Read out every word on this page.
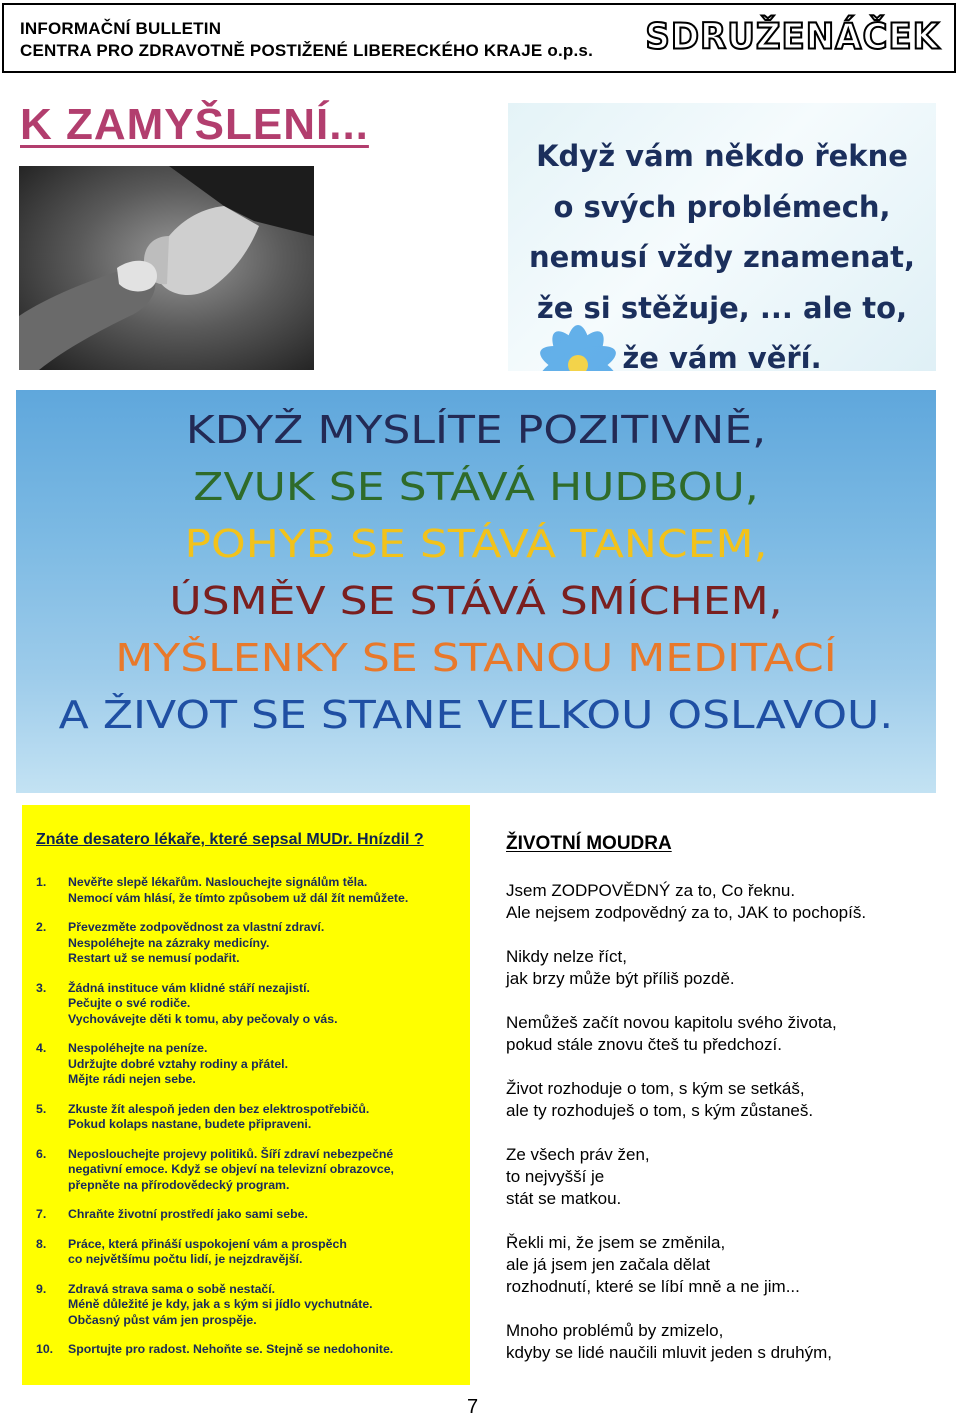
INFORMAČNÍ BULLETIN
CENTRA PRO ZDRAVOTNĚ POSTIŽENÉ LIBERECKÉHO KRAJE o.p.s. SDRUŽENÁČEK
K ZAMYŠLENÍ...
Když vám někdo řekne
o svých problémech,
nemusí vždy znamenat,
že si stěžuje, ... ale to,
že vám věří.
KDYŽ MYSLÍTE POZITIVNĚ,
ZVUK SE STÁVÁ HUDBOU,
POHYB SE STÁVÁ TANCEM,
ÚSMĚV SE STÁVÁ SMÍCHEM,
MYŠLENKY SE STANOU MEDITACÍ
A ŽIVOT SE STANE VELKOU OSLAVOU.
Znáte desatero lékaře, které sepsal MUDr. Hnízdil ?
1. Nevěřte slepě lékařům. Naslouchejte signálům těla.
Nemocí vám hlásí, že tímto způsobem už dál žít nemůžete.
2. Převezměte zodpovědnost za vlastní zdraví.
Nespoléhejte na zázraky medicíny.
Restart už se nemusí podařit.
3. Žádná instituce vám klidné stáří nezajistí.
Pečujte o své rodiče.
Vychovávejte děti k tomu, aby pečovaly o vás.
4. Nespoléhejte na peníze.
Udržujte dobré vztahy rodiny a přátel.
Mějte rádi nejen sebe.
5. Zkuste žít alespoň jeden den bez elektrospotřebičů.
Pokud kolaps nastane, budete připraveni.
6. Neposlouchejte projevy politiků. Šíří zdraví nebezpečné
negativní emoce. Když se objeví na televizní obrazovce,
přepněte na přírodovědecký program.
7. Chraňte životní prostředí jako sami sebe.
8. Práce, která přináší uspokojení vám a prospěch
co největšímu počtu lidí, je nejzdravější.
9. Zdravá strava sama o sobě nestačí.
Méně důležité je kdy, jak a s kým si jídlo vychutnáte.
Občasný půst vám jen prospěje.
10. Sportujte pro radost. Nehoňte se. Stejně se nedohonite.
ŽIVOTNÍ MOUDRA
Jsem ZODPOVĚDNÝ za to, Co řeknu.
Ale nejsem zodpovědný za to, JAK to pochopíš.
Nikdy nelze říct,
jak brzy může být příliš pozdě.
Nemůžeš začít novou kapitolu svého života,
pokud stále znovu čteš tu předchozí.
Život rozhoduje o tom, s kým se setkáš,
ale ty rozhoduješ o tom, s kým zůstaneš.
Ze všech práv žen,
to nejvyšší je
stát se matkou.
Řekli mi, že jsem se změnila,
ale já jsem jen začala dělat
rozhodnutí, které se líbí mně a ne jim...
Mnoho problémů by zmizelo,
kdyby se lidé naučili mluvit jeden s druhým,
7
